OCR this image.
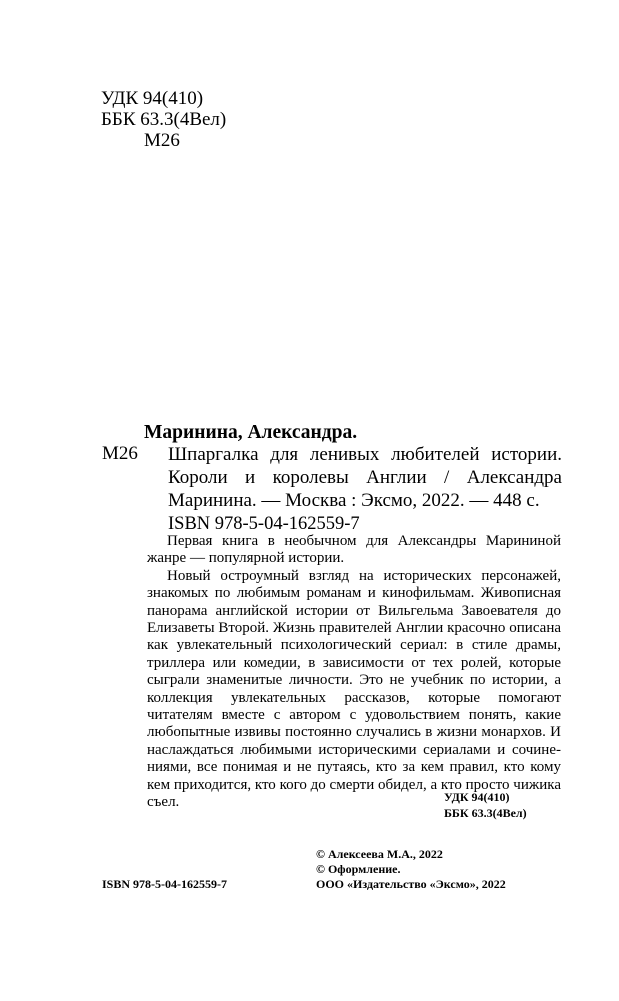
УДК 94(410)
ББК 63.3(4Вел)
М26
Маринина, Александра.
М26 Шпаргалка для ленивых любителей истории. Короли и королевы Англии / Александра Маринина. — Москва : Эксмо, 2022. — 448 с.
ISBN 978-5-04-162559-7

Первая книга в необычном для Александры Марининой жанре — популярной истории.

Новый остроумный взгляд на исторических персонажей, знакомых по любимым романам и кинофильмам. Живописная панорама английской истории от Вильгельма Завоевателя до Елизаветы Второй. Жизнь правителей Англии красочно описана как увлекательный психологический сериал: в стиле драмы, триллера или комедии, в зависимости от тех ролей, которые сыграли знаменитые личности. Это не учебник по истории, а коллекция увлекательных рассказов, которые помогают читателям вместе с автором с удовольствием понять, какие любопытные извивы постоянно случались в жизни монархов. И наслаждаться любимыми историческими сериалами и сочинениями, все понимая и не путаясь, кто за кем правил, кто кому кем приходится, кто кого до смерти обидел, а кто просто чижика съел.	УДК 94(410)
ББК 63.3(4Вел)
© Алексеева М.А., 2022
© Оформление.
ООО «Издательство «Эксмо», 2022
ISBN 978-5-04-162559-7
